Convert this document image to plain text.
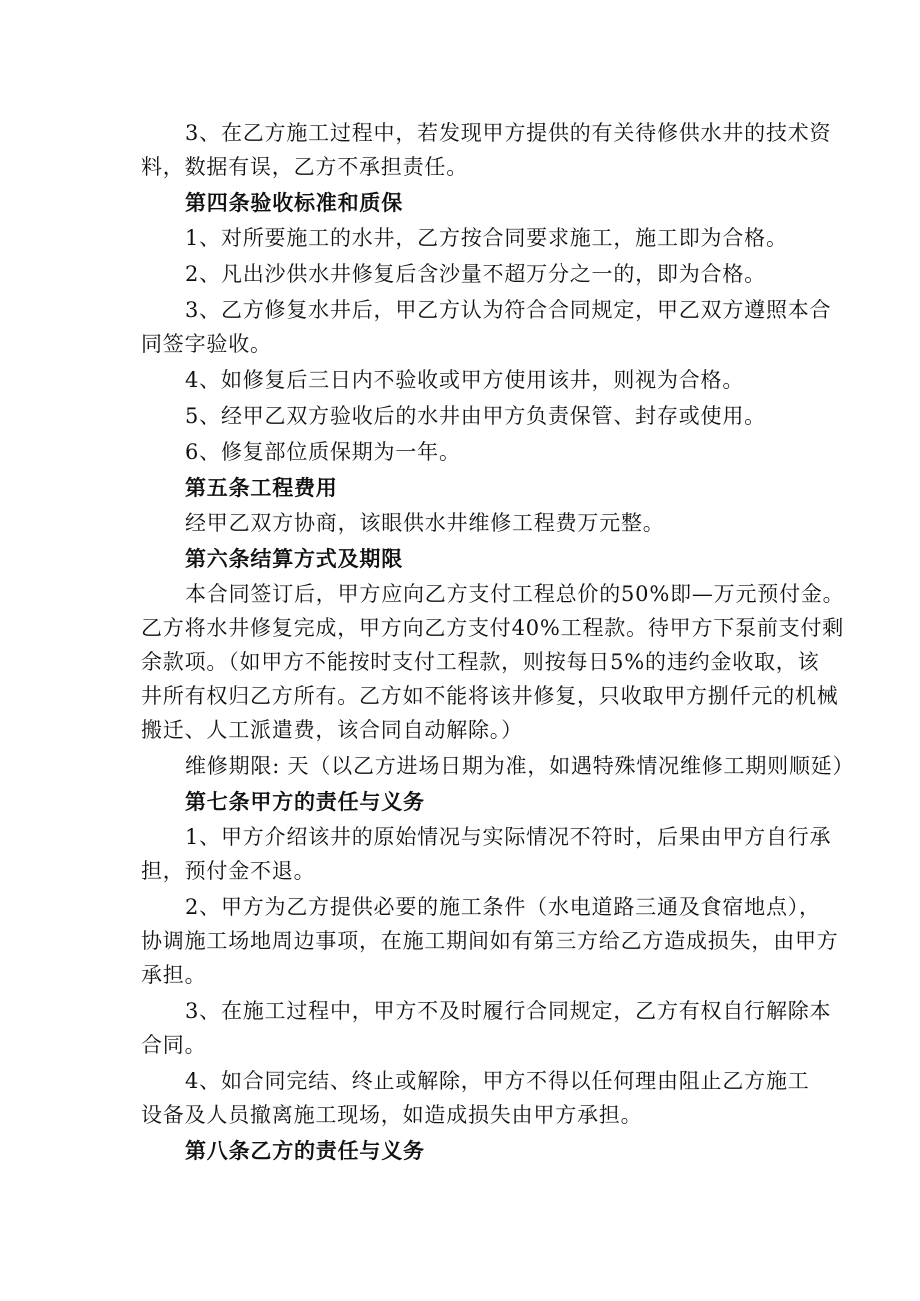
3、在乙方施工过程中，若发现甲方提供的有关待修供水井的技术资
料，数据有误，乙方不承担责任。
第四条验收标准和质保
1、对所要施工的水井，乙方按合同要求施工，施工即为合格。
2、凡出沙供水井修复后含沙量不超万分之一的，即为合格。
3、乙方修复水井后，甲乙方认为符合合同规定，甲乙双方遵照本合
同签字验收。
4、如修复后三日内不验收或甲方使用该井，则视为合格。
5、经甲乙双方验收后的水井由甲方负责保管、封存或使用。
6、修复部位质保期为一年。
第五条工程费用
经甲乙双方协商，该眼供水井维修工程费万元整。
第六条结算方式及期限
本合同签订后，甲方应向乙方支付工程总价的50%即—万元预付金。
乙方将水井修复完成，甲方向乙方支付40%工程款。待甲方下泵前支付剩
余款项。（如甲方不能按时支付工程款，则按每日5%的违约金收取，该
井所有权归乙方所有。乙方如不能将该井修复，只收取甲方捌仟元的机械
搬迁、人工派遣费，该合同自动解除。）
维修期限: 天（以乙方进场日期为准，如遇特殊情况维修工期则顺延）
第七条甲方的责任与义务
1、甲方介绍该井的原始情况与实际情况不符时，后果由甲方自行承
担，预付金不退。
2、甲方为乙方提供必要的施工条件（水电道路三通及食宿地点），
协调施工场地周边事项，在施工期间如有第三方给乙方造成损失，由甲方
承担。
3、在施工过程中，甲方不及时履行合同规定，乙方有权自行解除本
合同。
4、如合同完结、终止或解除，甲方不得以任何理由阻止乙方施工
设备及人员撤离施工现场，如造成损失由甲方承担。
第八条乙方的责任与义务
